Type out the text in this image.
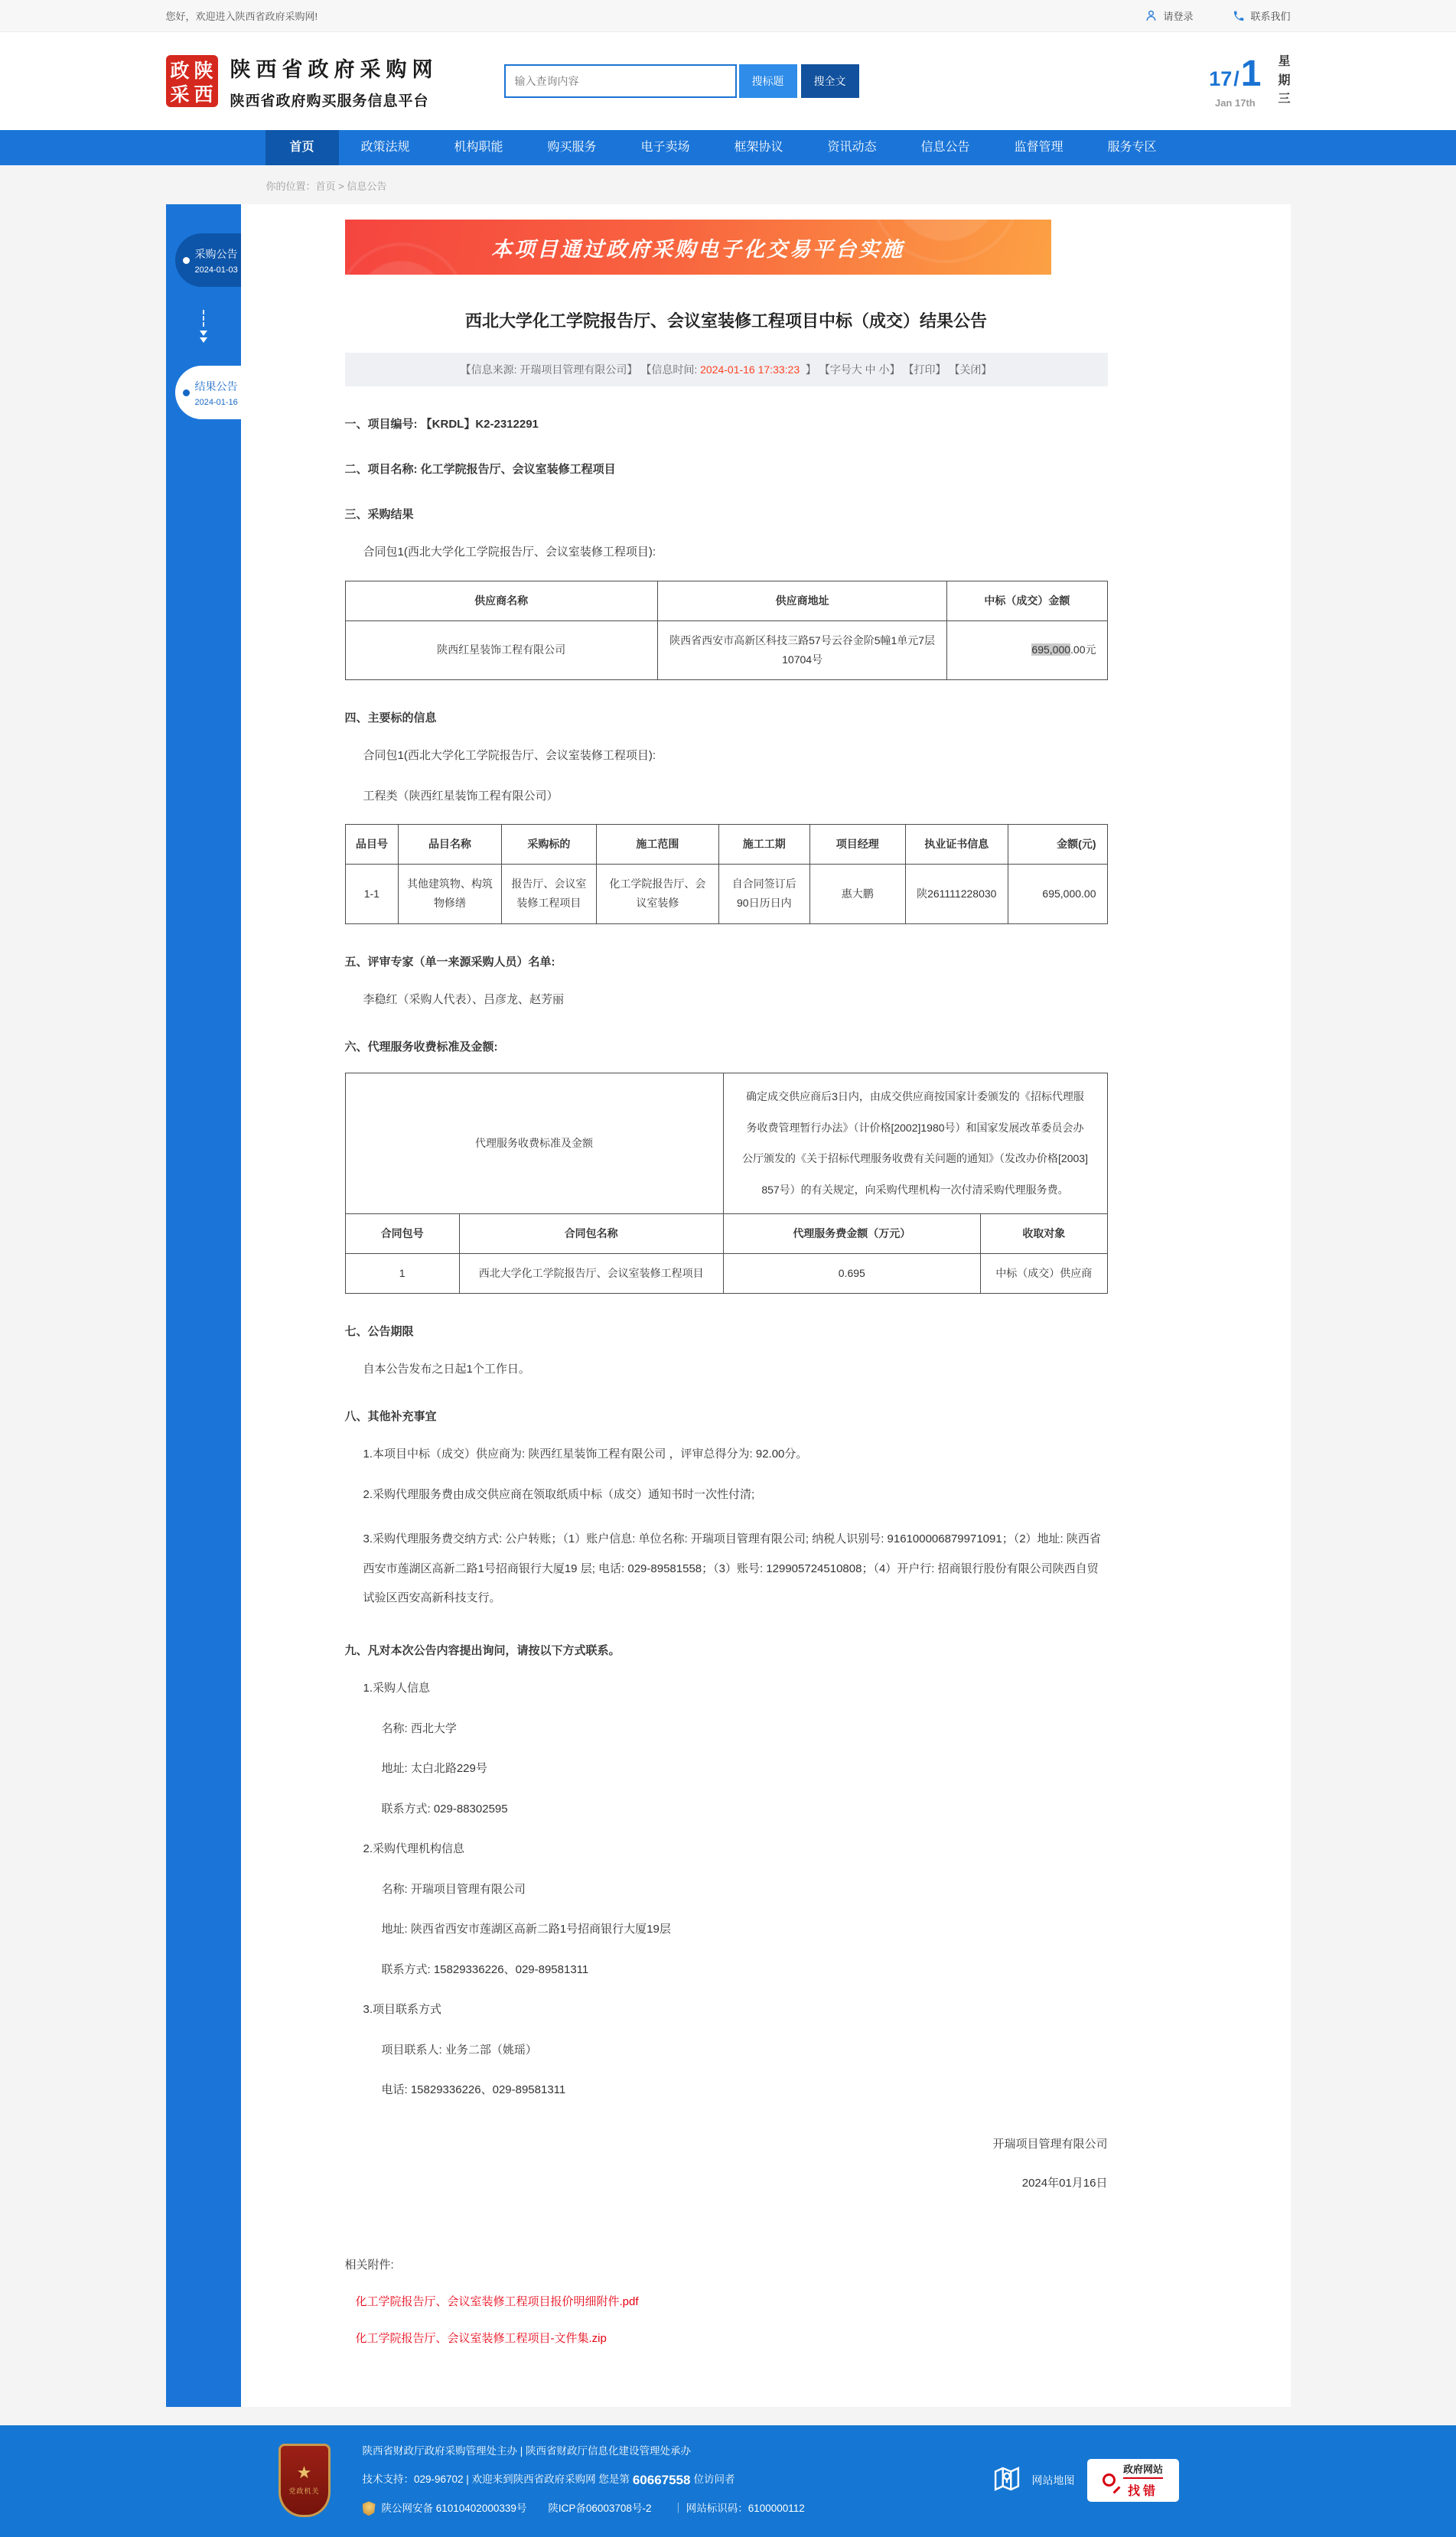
您好，欢迎进入陕西省政府采购网!	请登录	联系我们
政 陕
采 西
陕西省政府采购网
陕西省政府购买服务信息平台
输入查询内容
搜标题	搜全文	17 / 1
Jan 17th
星
期
三
首页	政策法规	机构职能	购买服务	电子卖场	框架协议	资讯动态	信息公告	监督管理	服务专区
你的位置：首页 > 信息公告
采购公告
2024-01-03
结果公告
2024-01-16
本项目通过政府采购电子化交易平台实施
西北大学化工学院报告厅、会议室装修工程项目中标（成交）结果公告
【信息来源: 开瑞项目管理有限公司】 【信息时间: 2024-01-16 17:33:23 】 【字号 大 中 小 】 【打印】 【关闭】
一、项目编号: 【KRDL】K2-2312291
二、项目名称: 化工学院报告厅、会议室装修工程项目
三、采购结果
合同包1(西北大学化工学院报告厅、会议室装修工程项目):
供应商名称	供应商地址	中标（成交）金额
陕西红星装饰工程有限公司	陕西省西安市高新区科技三路57号云谷金阶5幢1单元7层10704号	695,000.00元
四、主要标的信息
合同包1(西北大学化工学院报告厅、会议室装修工程项目):
工程类（陕西红星装饰工程有限公司）
品目号	品目名称	采购标的	施工范围	施工工期	项目经理	执业证书信息	金额(元)
1-1	其他建筑物、构筑物修缮	报告厅、会议室装修工程项目	化工学院报告厅、会议室装修	自合同签订后90日历日内	惠大鹏	陕261111228030	695,000.00
五、评审专家（单一来源采购人员）名单:
李稳红（采购人代表）、吕彦龙、赵芳丽
六、代理服务收费标准及金额:
代理服务收费标准及金额		确定成交供应商后3日内，由成交供应商按国家计委颁发的《招标代理服务收费管理暂行办法》（计价格[2002]1980号）和国家发展改革委员会办公厅颁发的《关于招标代理服务收费有关问题的通知》（发改办价格[2003] 857号）的有关规定，向采购代理机构一次付清采购代理服务费。	
合同包号	合同包名称	代理服务费金额（万元）	收取对象
1	西北大学化工学院报告厅、会议室装修工程项目	0.695	中标（成交）供应商
七、公告期限
自本公告发布之日起1个工作日。
八、其他补充事宜
1.本项目中标（成交）供应商为: 陕西红星装饰工程有限公司 ，评审总得分为: 92.00分。
2.采购代理服务费由成交供应商在领取纸质中标（成交）通知书时一次性付清;
3.采购代理服务费交纳方式: 公户转账；（1）账户信息: 单位名称: 开瑞项目管理有限公司; 纳税人识别号: 916100006879971091；（2）地址: 陕西省西安市莲湖区高新二路1号招商银行大厦19 层; 电话: 029-89581558；（3）账号: 129905724510808；（4）开户行: 招商银行股份有限公司陕西自贸试验区西安高新科技支行。
九、凡对本次公告内容提出询问，请按以下方式联系。
1.采购人信息
名称: 西北大学
地址: 太白北路229号
联系方式: 029-88302595
2.采购代理机构信息
名称: 开瑞项目管理有限公司
地址: 陕西省西安市莲湖区高新二路1号招商银行大厦19层
联系方式: 15829336226、029-89581311
3.项目联系方式
项目联系人: 业务二部（姚瑶）
电话: 15829336226、029-89581311
开瑞项目管理有限公司
2024年01月16日
相关附件:
化工学院报告厅、会议室装修工程项目报价明细附件.pdf
化工学院报告厅、会议室装修工程项目-文件集.zip
★
党政机关
陕西省财政厅政府采购管理处主办 | 陕西省财政厅信息化建设管理处承办
技术支持：029-96702 | 欢迎来到陕西省政府采购网 您是第 60667558 位访问者
陕公网安备 61010402000339号 陕ICP备06003708号-2 ｜ 网站标识码：6100000112
网站地图
政府网站
找错
